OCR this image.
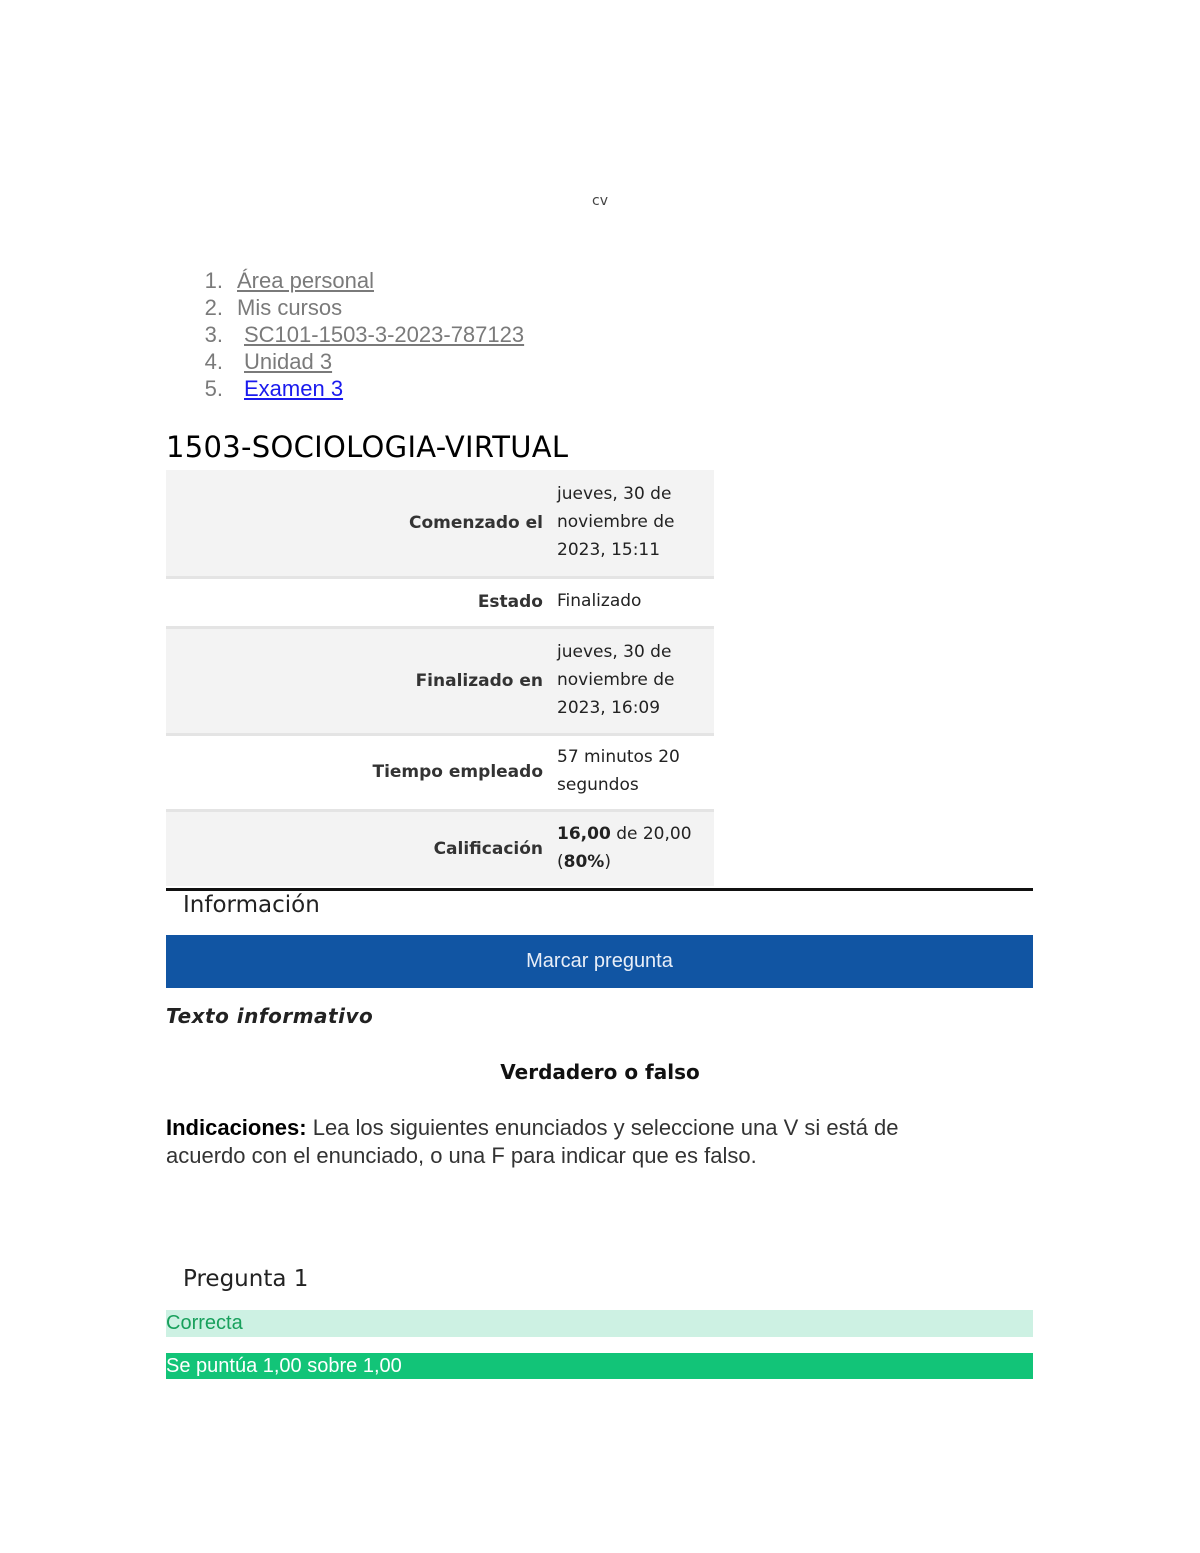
cv
1. Área personal
2. Mis cursos
3. SC101-1503-3-2023-787123
4. Unidad 3
5. Examen 3
1503-SOCIOLOGIA-VIRTUAL
Comenzado el	jueves, 30 de noviembre de 2023, 15:11
Estado	Finalizado
Finalizado en	jueves, 30 de noviembre de 2023, 16:09
Tiempo empleado	57 minutos 20 segundos
Calificación	16,00 de 20,00 (80%)
Información
Marcar pregunta
Texto informativo
Verdadero o falso
Indicaciones: Lea los siguientes enunciados y seleccione una V si está de acuerdo con el enunciado, o una F para indicar que es falso.
Pregunta 1
Correcta
Se puntúa 1,00 sobre 1,00
